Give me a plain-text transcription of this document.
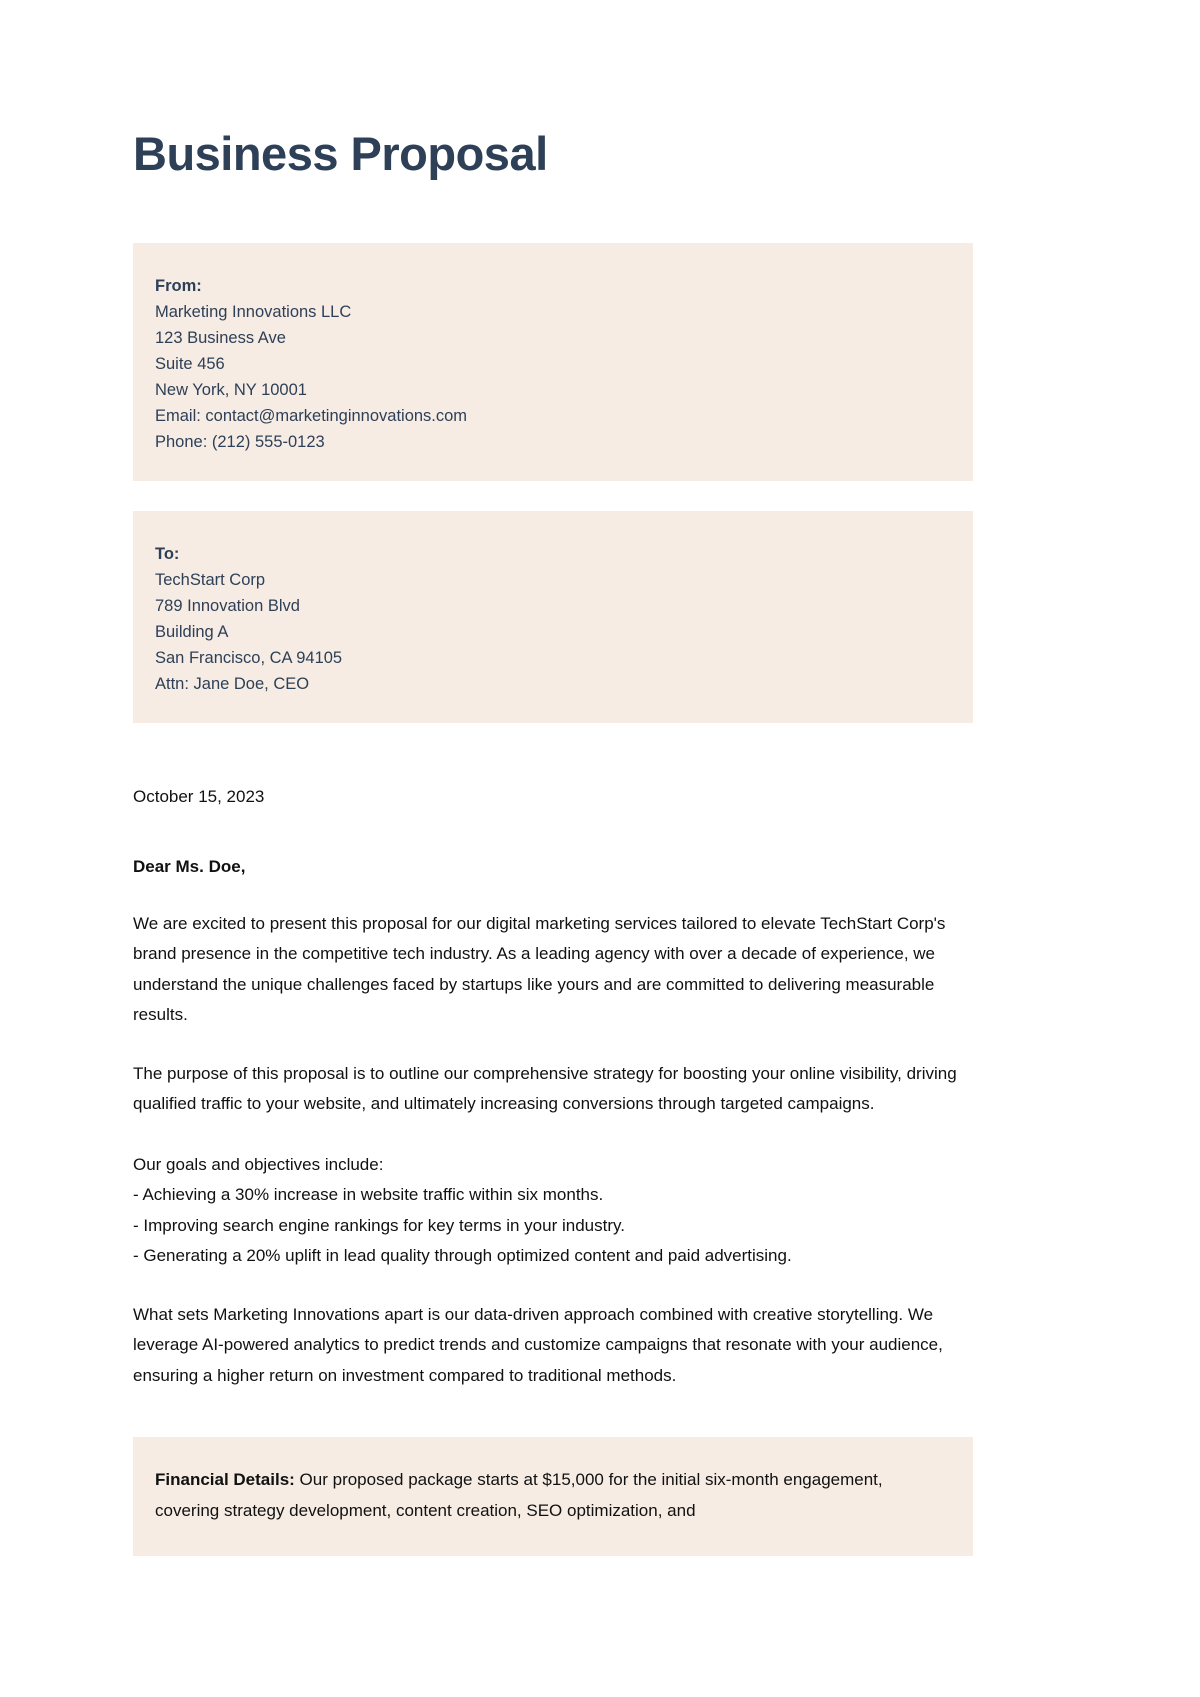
Business Proposal
From:
Marketing Innovations LLC
123 Business Ave
Suite 456
New York, NY 10001
Email: contact@marketinginnovations.com
Phone: (212) 555-0123
To:
TechStart Corp
789 Innovation Blvd
Building A
San Francisco, CA 94105
Attn: Jane Doe, CEO
October 15, 2023
Dear Ms. Doe,

We are excited to present this proposal for our digital marketing services tailored to elevate TechStart Corp's brand presence in the competitive tech industry. As a leading agency with over a decade of experience, we understand the unique challenges faced by startups like yours and are committed to delivering measurable results.

The purpose of this proposal is to outline our comprehensive strategy for boosting your online visibility, driving qualified traffic to your website, and ultimately increasing conversions through targeted campaigns.

Our goals and objectives include:
- Achieving a 30% increase in website traffic within six months.
- Improving search engine rankings for key terms in your industry.
- Generating a 20% uplift in lead quality through optimized content and paid advertising.

What sets Marketing Innovations apart is our data-driven approach combined with creative storytelling. We leverage AI-powered analytics to predict trends and customize campaigns that resonate with your audience, ensuring a higher return on investment compared to traditional methods.

Financial Details: Our proposed package starts at $15,000 for the initial six-month engagement, covering strategy development, content creation, SEO optimization, and
